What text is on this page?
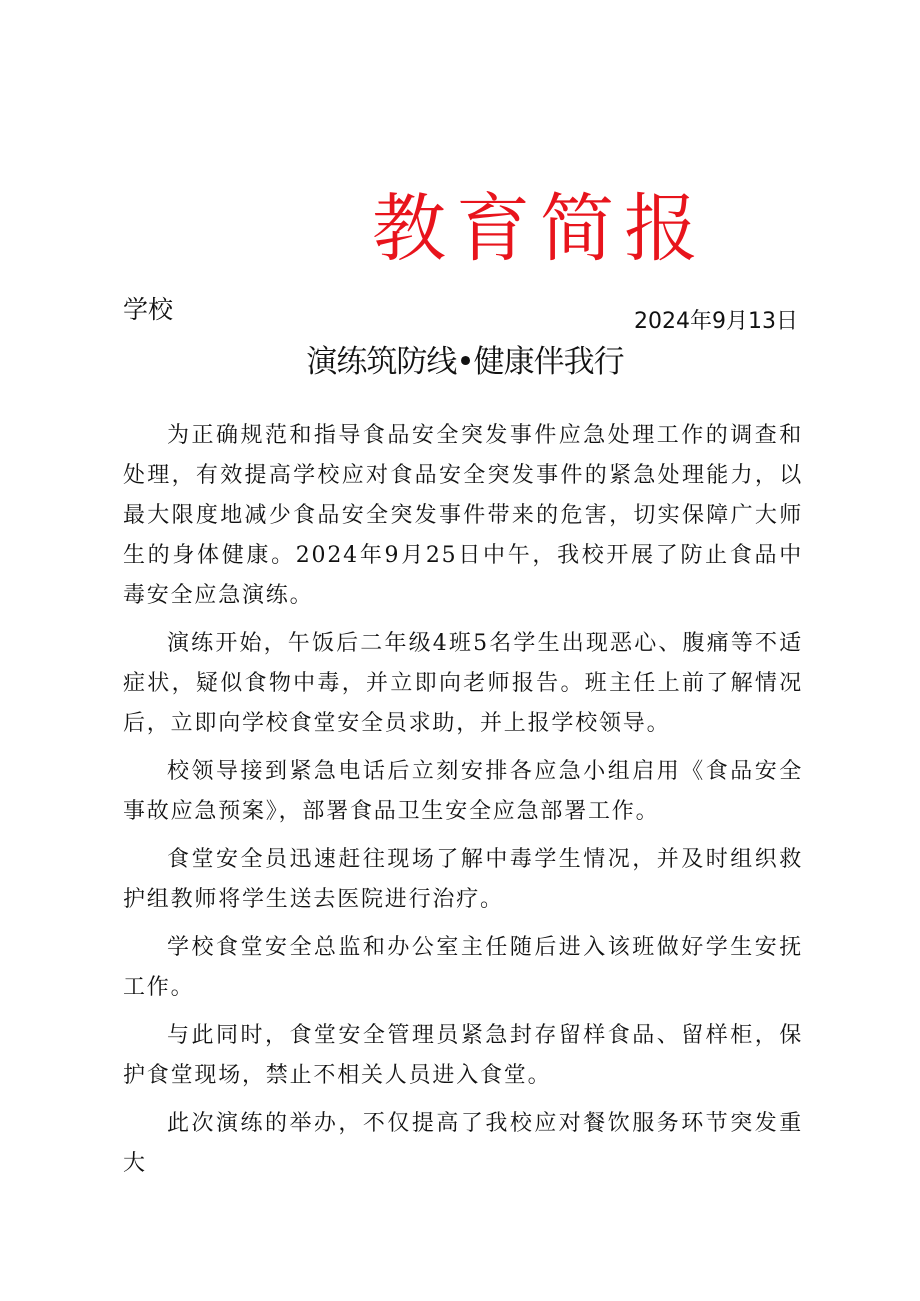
教育简报
学校	2024年9月13日
演练筑防线•健康伴我行

为正确规范和指导食品安全突发事件应急处理工作的调查和处理，有效提高学校应对食品安全突发事件的紧急处理能力，以最大限度地减少食品安全突发事件带来的危害，切实保障广大师生的身体健康。2024年9月25日中午，我校开展了防止食品中毒安全应急演练。

演练开始，午饭后二年级4班5名学生出现恶心、腹痛等不适症状，疑似食物中毒，并立即向老师报告。班主任上前了解情况后，立即向学校食堂安全员求助，并上报学校领导。

校领导接到紧急电话后立刻安排各应急小组启用《食品安全事故应急预案》，部署食品卫生安全应急部署工作。

食堂安全员迅速赶往现场了解中毒学生情况，并及时组织救护组教师将学生送去医院进行治疗。

学校食堂安全总监和办公室主任随后进入该班做好学生安抚工作。

与此同时，食堂安全管理员紧急封存留样食品、留样柜，保护食堂现场，禁止不相关人员进入食堂。

此次演练的举办，不仅提高了我校应对餐饮服务环节突发重大
